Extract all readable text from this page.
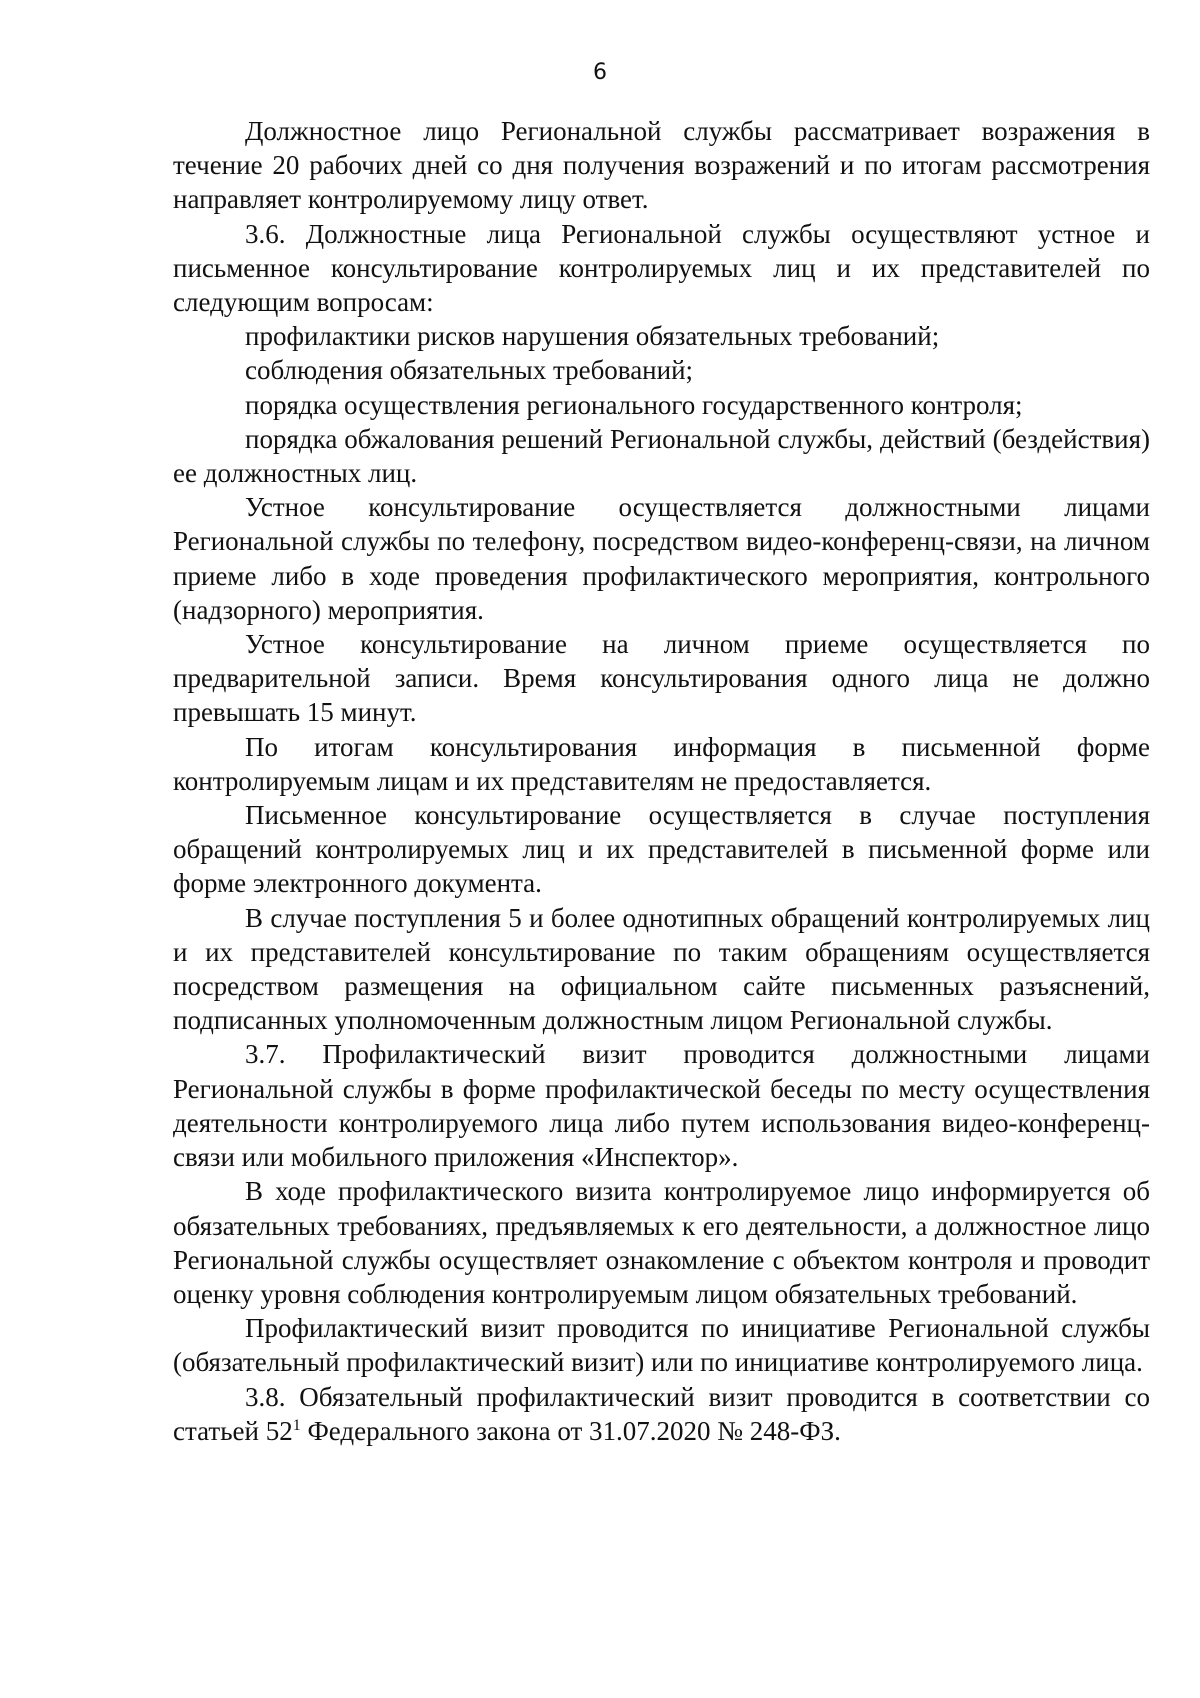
6

Должностное лицо Региональной службы рассматривает возражения в течение 20 рабочих дней со дня получения возражений и по итогам рассмотрения направляет контролируемому лицу ответ.

3.6. Должностные лица Региональной службы осуществляют устное и письменное консультирование контролируемых лиц и их представителей по следующим вопросам:

профилактики рисков нарушения обязательных требований;

соблюдения обязательных требований;

порядка осуществления регионального государственного контроля;

порядка обжалования решений Региональной службы, действий (бездействия) ее должностных лиц.

Устное консультирование осуществляется должностными лицами Региональной службы по телефону, посредством видео-конференц-связи, на личном приеме либо в ходе проведения профилактического мероприятия, контрольного (надзорного) мероприятия.

Устное консультирование на личном приеме осуществляется по предварительной записи. Время консультирования одного лица не должно превышать 15 минут.

По итогам консультирования информация в письменной форме контролируемым лицам и их представителям не предоставляется.

Письменное консультирование осуществляется в случае поступления обращений контролируемых лиц и их представителей в письменной форме или форме электронного документа.

В случае поступления 5 и более однотипных обращений контролируемых лиц и их представителей консультирование по таким обращениям осуществляется посредством размещения на официальном сайте письменных разъяснений, подписанных уполномоченным должностным лицом Региональной службы.

3.7. Профилактический визит проводится должностными лицами Региональной службы в форме профилактической беседы по месту осуществления деятельности контролируемого лица либо путем использования видео-конференц-связи или мобильного приложения «Инспектор».

В ходе профилактического визита контролируемое лицо информируется об обязательных требованиях, предъявляемых к его деятельности, а должностное лицо Региональной службы осуществляет ознакомление с объектом контроля и проводит оценку уровня соблюдения контролируемым лицом обязательных требований.

Профилактический визит проводится по инициативе Региональной службы (обязательный профилактический визит) или по инициативе контролируемого лица.

3.8. Обязательный профилактический визит проводится в соответствии со статьей $52^1$ Федерального закона от 31.07.2020 № 248-ФЗ.
